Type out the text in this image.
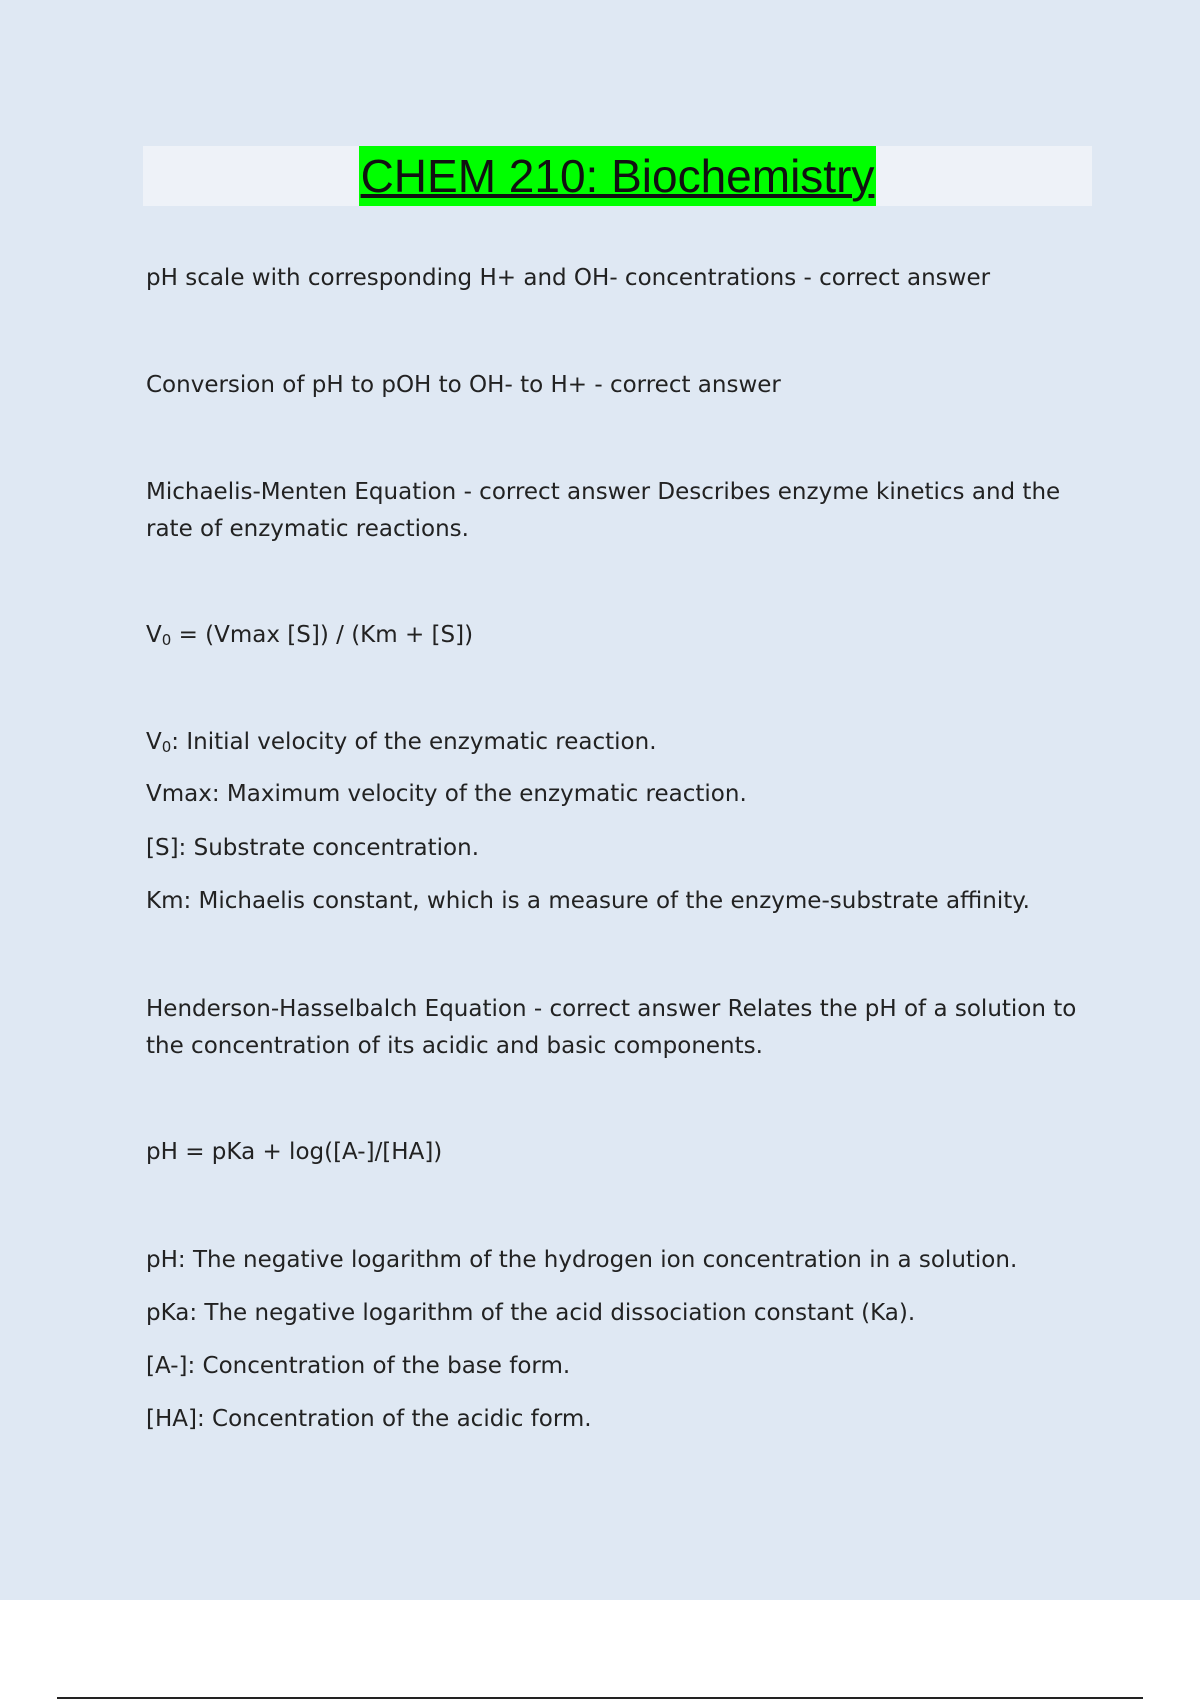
CHEM 210: Biochemistry

pH scale with corresponding H+ and OH- concentrations - correct answer

Conversion of pH to pOH to OH- to H+ - correct answer

Michaelis-Menten Equation - correct answer Describes enzyme kinetics and the rate of enzymatic reactions.

V0 = (Vmax [S]) / (Km + [S])

V0: Initial velocity of the enzymatic reaction.

Vmax: Maximum velocity of the enzymatic reaction.

[S]: Substrate concentration.

Km: Michaelis constant, which is a measure of the enzyme-substrate affinity.

Henderson-Hasselbalch Equation - correct answer Relates the pH of a solution to the concentration of its acidic and basic components.

pH = pKa + log([A-]/[HA])

pH: The negative logarithm of the hydrogen ion concentration in a solution.

pKa: The negative logarithm of the acid dissociation constant (Ka).

[A-]: Concentration of the base form.

[HA]: Concentration of the acidic form.
